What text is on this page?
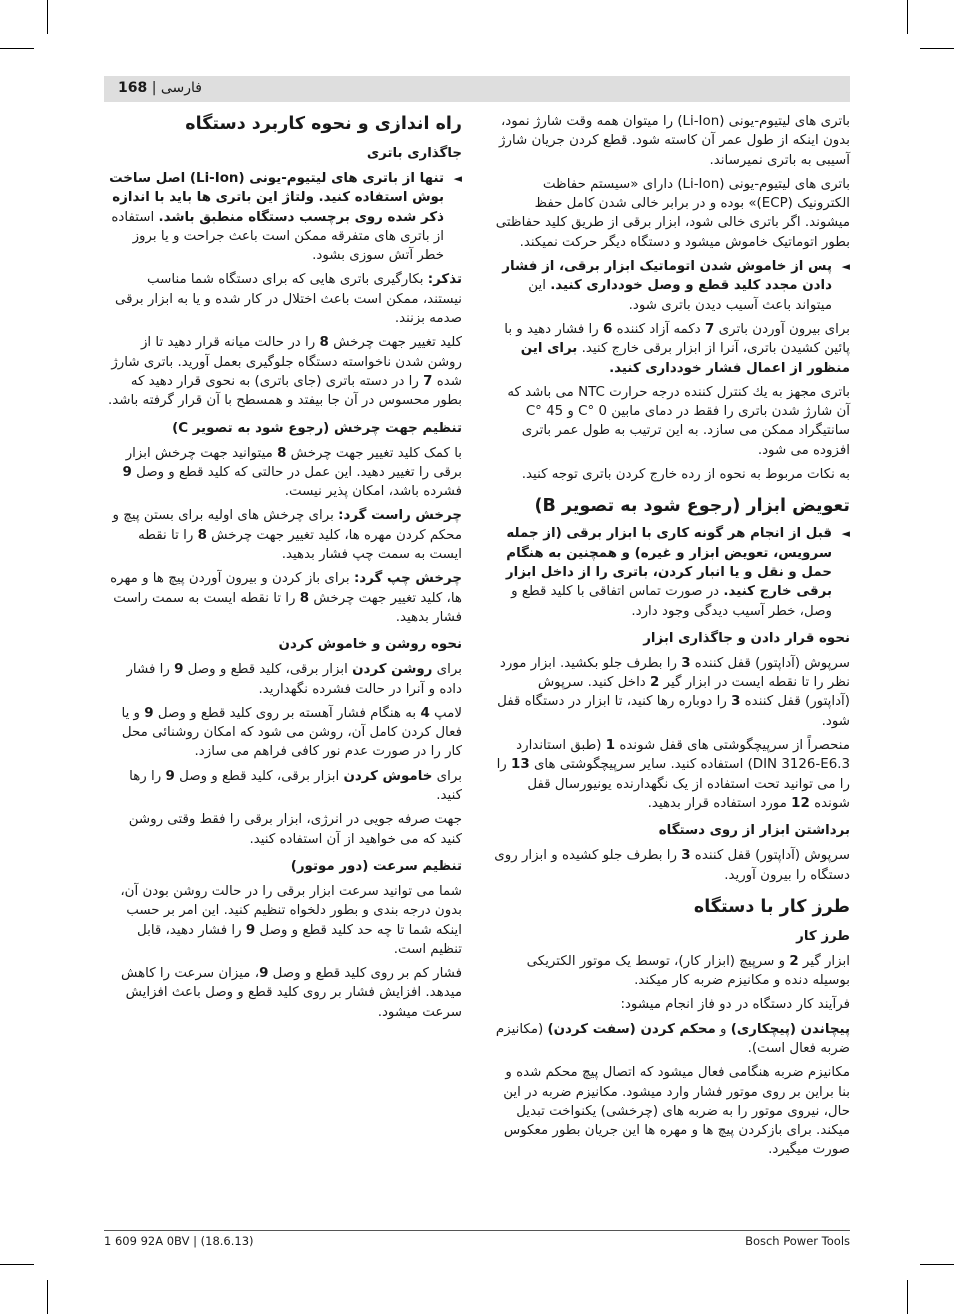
168 | فارسی

باتری های لیتیوم-یونی (Li-Ion) را میتوان همه وقت شارژ نمود، بدون اینکه از طول عمر آن کاسته شود. قطع کردن جریان شارژ آسیبی به باتری نمیرساند.

باتری های لیتیوم-یونی (Li-Ion) دارای «سیستم حفاظت الکترونیک (ECP)» بوده و در برابر خالی شدن کامل حفظ میشوند. اگر باتری خالی شود، ابزار برقی از طریق کلید حفاظتی بطور اتوماتیک خاموش میشود و دستگاه دیگر حرکت نمیکند.

◄
پس از خاموش شدن اتوماتیک ابزار برقی، از فشار دادن مجدد کلید قطع و وصل خودداری کنید. این میتواند باعث آسیب دیدن باتری شود.

برای بیرون آوردن باتری 7 دکمه آزاد کننده 6 را فشار دهید و با پائین کشیدن باتری، آنرا از ابزار برقی خارج کنید. برای این منظور از اعمال فشار خودداری کنید.

باتری مجهز به يك كنترل كننده درجه حرارت NTC می باشد که آن شارژ شدن باتری را فقط در دمای مابین 0 °C و 45 °C سانتیگراد ممکن می سازد. به این ترتیب به طول عمر باتری افزوده می شود.

به نکات مربوط به نحوه از رده خارج کردن باتری توجه کنید.

تعویض ابزار (رجوع شود به تصویر B)

◄
قبل از انجام هر گونه کاری با ابزار برقی (از جمله سرویس، تعویض ابزار و غیره) و همچنین به هنگام حمل و نقل و یا انبار کردن، باتری را از داخل ابزار برقی خارج کنید. در صورت تماس اتفاقی با کلید قطع و وصل، خطر آسیب دیدگی وجود دارد.

نحوه قرار دادن و جاگذاری ابزار

سرپوش (آداپتور) قفل کننده 3 را بطرف جلو بکشید. ابزار مورد نظر را تا نقطه ایست در ابزار گیر 2 داخل کنید. سرپوش (آداپتور) قفل کننده 3 را دوباره رها کنید، تا ابزار در دستگاه قفل شود.

منحصراً از سرپیچگوشتی های قفل شونده 1 (طبق استاندارد DIN 3126-E6.3) استفاده کنید. سایر سرپیچگوشتی های 13 را را می توانید تحت استفاده از یک نگهدارنده یونیورسال قفل شونده 12 مورد استفاده قرار بدهید.

برداشتن ابزار از روی دستگاه

سرپوش (آداپتور) قفل کننده 3 را بطرف جلو کشیده و ابزار روی دستگاه را بیرون آورید.

طرز کار با دستگاه
طرز کار

ابزار گیر 2 و سرپیچ (ابزار کار)، توسط یک موتور الکتریکی بوسیله دنده و مکانیزم ضربه کار میکند.

فرآیند کار دستگاه در دو فاز انجام میشود:

پیچاندن (پیچکاری) و محکم کردن (سفت کردن) (مکانیزم ضربه فعال است).

مکانیزم ضربه هنگامی فعال میشود که اتصال پیچ محکم شده و بنا براین بر روی موتور فشار وارد میشود. مکانیزم ضربه در این حال، نیروی موتور را به ضربه های (چرخشی) یکنواخت تبدیل میکند. برای بازکردن پیچ ها و مهره ها این جریان بطور معکوس صورت میگیرد.

راه اندازی و نحوه کاربرد دستگاه
جاگذاری باتری

◄
تنها از باتری های لیتیوم-یونی (Li-Ion) اصل ساخت بوش استفاده کنید. ولتاژ این باتری ها باید با اندازه ذکر شده روی برچسب دستگاه منطبق باشد. استفاده از باتری های متفرقه ممکن است باعث جراحت و یا بروز خطر آتش سوزی بشود.

تذکر: بکارگیری باتری هایی که برای دستگاه شما مناسب نیستند، ممکن است باعث اختلال در کار شده و یا به ابزار برقی صدمه بزنند.

کلید تغییر جهت چرخش 8 را در حالت میانه قرار دهید تا از روشن شدن ناخواسته دستگاه جلوگیری بعمل آورید. باتری شارژ شده 7 را در دسته باتری (جای باتری) به نحوی قرار دهید که بطور محسوس در آن جا بیفتد و همسطح با آن قرار گرفته باشد.

تنظیم جهت چرخش (رجوع شود به تصویر C)

با کمک کلید تغییر جهت چرخش 8 میتوانید جهت چرخش ابزار برقی را تغییر دهید. این عمل در حالتی که کلید قطع و وصل 9 فشرده باشد، امکان پذیر نیست.

چرخش راست گرد: برای چرخش های اولیه برای بستن پیچ و محکم کردن مهره ها، کلید تغییر جهت چرخش 8 را تا نقطه ایست به سمت چپ فشار بدهید.

چرخش چپ گرد: برای باز کردن و بیرون آوردن پیچ ها و مهره ها، کلید تغییر جهت چرخش 8 را تا نقطه ایست به سمت راست فشار بدهید.

نحوه روشن و خاموش کردن

برای روشن کردن ابزار برقی، کلید قطع و وصل 9 را فشار داده و آنرا در حالت فشرده نگهدارید.

لامپ 4 به هنگام فشار آهسته بر روی کلید قطع و وصل 9 و یا فعال کردن کامل آن، روشن می شود که امکان روشنائی محل کار را در صورت عدم نور کافی فراهم می سازد.

برای خاموش کردن ابزار برقی، کلید قطع و وصل 9 را رها کنید.

جهت صرفه جویی در انرژی، ابزار برقی را فقط وقتی روشن کنید که می خواهید از آن استفاده کنید.

تنظیم سرعت (دور موتور)

شما می توانید سرعت ابزار برقی را در حالت روشن بودن آن، بدون درجه بندی و بطور دلخواه تنظیم کنید. این امر بر حسب اینکه شما تا چه حد کلید قطع و وصل 9 را فشار دهید، قابل تنظیم است.

فشار کم بر روی کلید قطع و وصل 9، میزان سرعت را کاهش میدهد. افزایش فشار بر روی کلید قطع و وصل باعث افزایش سرعت میشود.

1 609 92A 0BV | (18.6.13)	Bosch Power Tools
